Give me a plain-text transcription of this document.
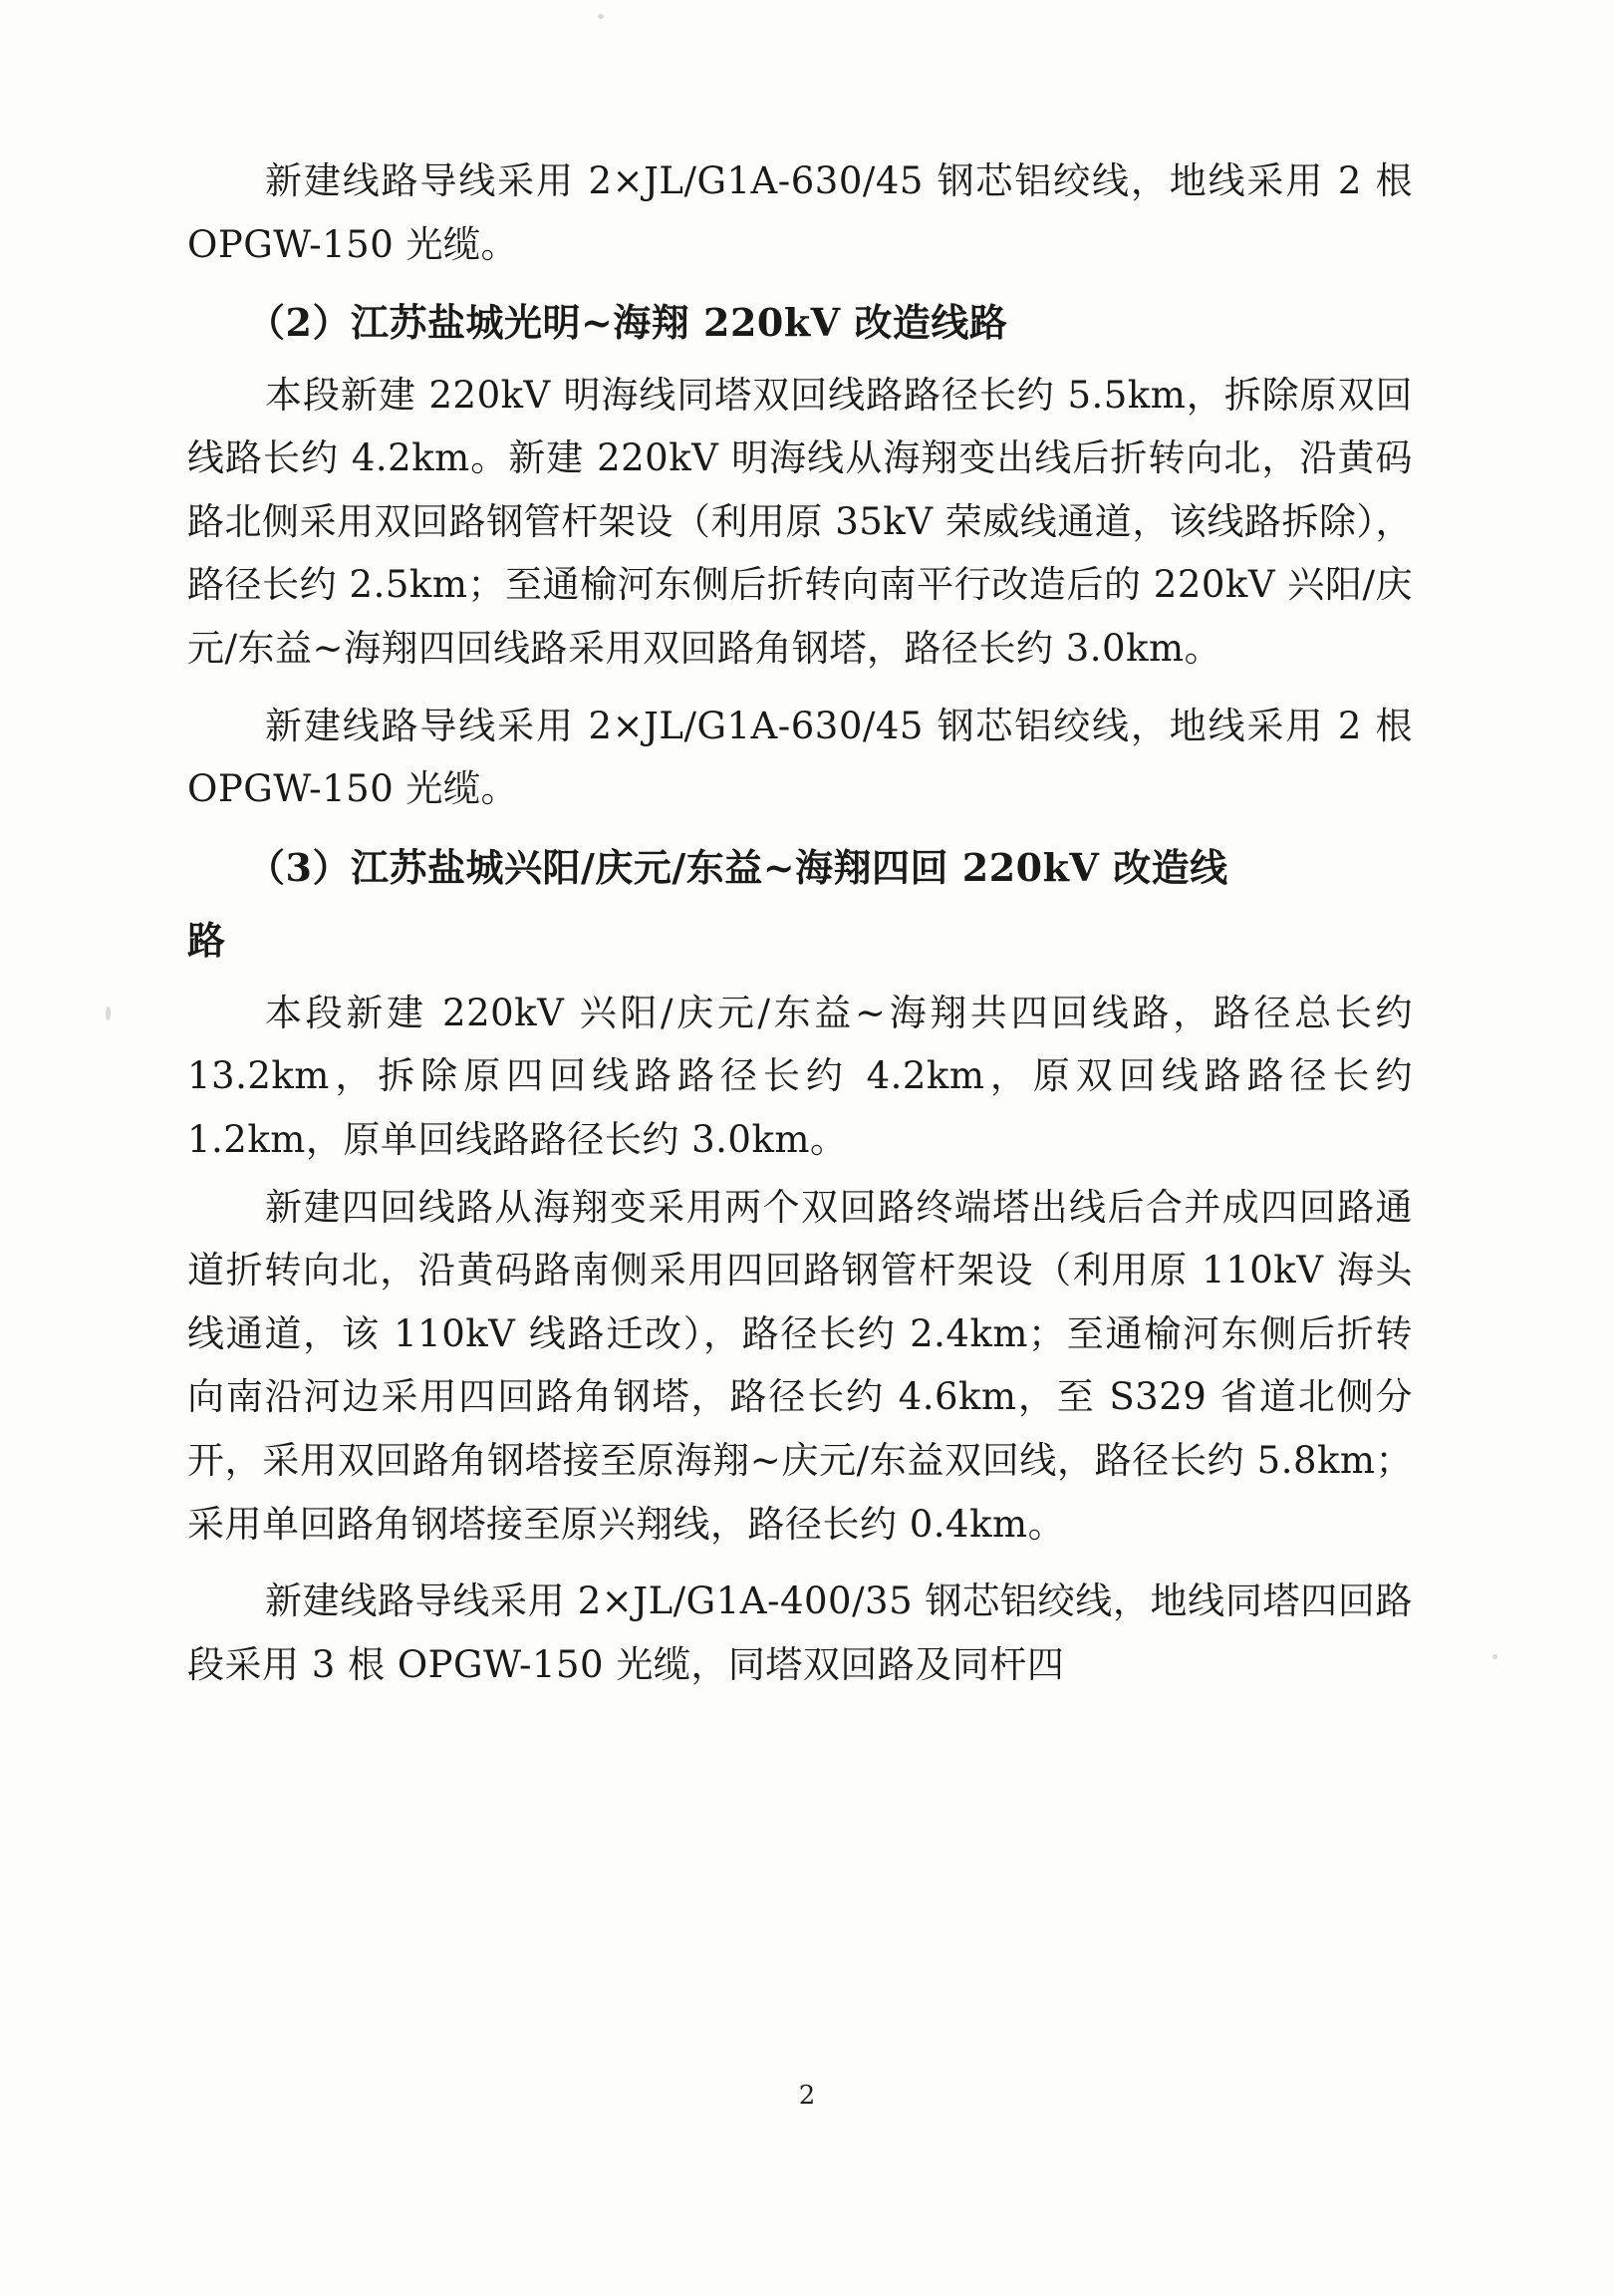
新建线路导线采用 2×JL/G1A-630/45 钢芯铝绞线，地线采用 2 根 OPGW-150 光缆。

（2）江苏盐城光明~海翔 220kV 改造线路

本段新建 220kV 明海线同塔双回线路路径长约 5.5km，拆除原双回线路长约 4.2km。新建 220kV 明海线从海翔变出线后折转向北，沿黄码路北侧采用双回路钢管杆架设（利用原 35kV 荣威线通道，该线路拆除），路径长约 2.5km；至通榆河东侧后折转向南平行改造后的 220kV 兴阳/庆元/东益~海翔四回线路采用双回路角钢塔，路径长约 3.0km。

新建线路导线采用 2×JL/G1A-630/45 钢芯铝绞线，地线采用 2 根 OPGW-150 光缆。

（3）江苏盐城兴阳/庆元/东益~海翔四回 220kV 改造线

路

本段新建 220kV 兴阳/庆元/东益~海翔共四回线路，路径总长约 13.2km，拆除原四回线路路径长约 4.2km，原双回线路路径长约 1.2km，原单回线路路径长约 3.0km。

新建四回线路从海翔变采用两个双回路终端塔出线后合并成四回路通道折转向北，沿黄码路南侧采用四回路钢管杆架设（利用原 110kV 海头线通道，该 110kV 线路迁改），路径长约 2.4km；至通榆河东侧后折转向南沿河边采用四回路角钢塔，路径长约 4.6km，至 S329 省道北侧分开，采用双回路角钢塔接至原海翔~庆元/东益双回线，路径长约 5.8km；采用单回路角钢塔接至原兴翔线，路径长约 0.4km。

新建线路导线采用 2×JL/G1A-400/35 钢芯铝绞线，地线同塔四回路段采用 3 根 OPGW-150 光缆，同塔双回路及同杆四

2
